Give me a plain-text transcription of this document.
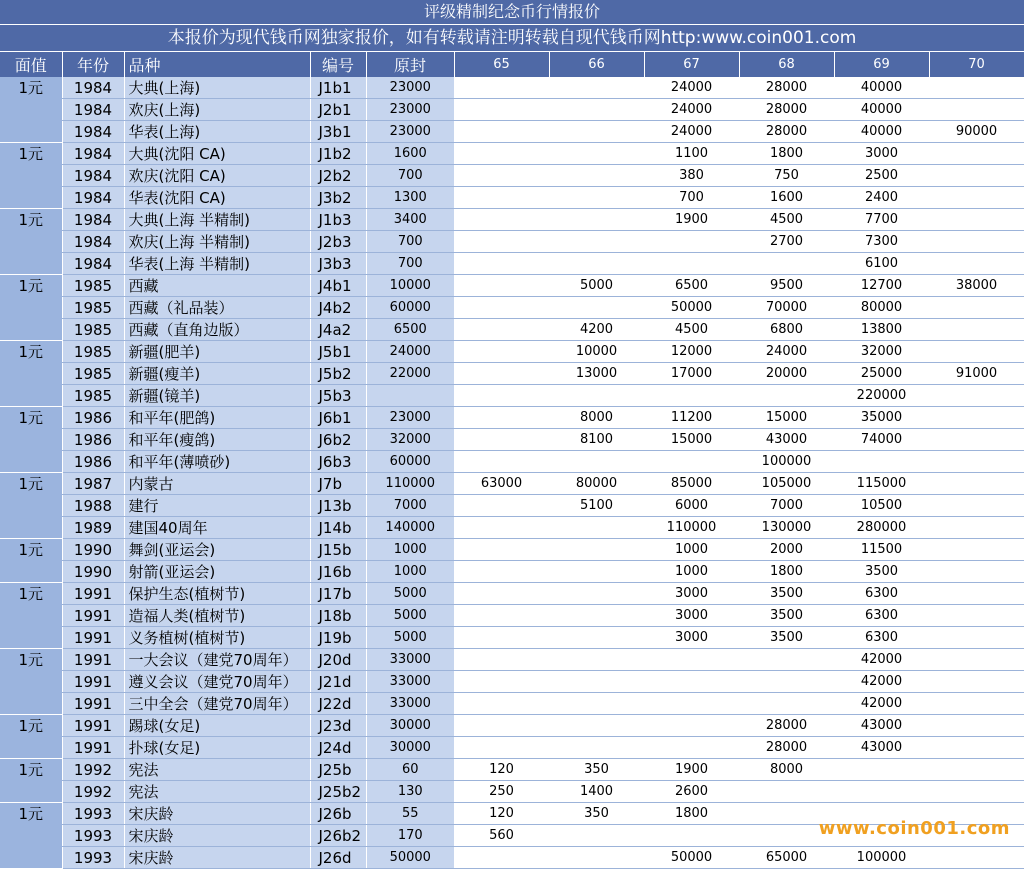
评级精制纪念币行情报价
本报价为现代钱币网独家报价，如有转载请注明转载自现代钱币网http:www.coin001.com
面值	年份	品种	编号	原封	65	66	67	68	69	70
1元	1984	大典(上海)	J1b1	23000			24000	28000	40000	
	1984	欢庆(上海)	J2b1	23000			24000	28000	40000	
	1984	华表(上海)	J3b1	23000			24000	28000	40000	90000
1元	1984	大典(沈阳 CA)	J1b2	1600			1100	1800	3000	
	1984	欢庆(沈阳 CA)	J2b2	700			380	750	2500	
	1984	华表(沈阳 CA)	J3b2	1300			700	1600	2400	
1元	1984	大典(上海 半精制)	J1b3	3400			1900	4500	7700	
	1984	欢庆(上海 半精制)	J2b3	700				2700	7300	
	1984	华表(上海 半精制)	J3b3	700					6100	
1元	1985	西藏	J4b1	10000		5000	6500	9500	12700	38000
	1985	西藏（礼品装）	J4b2	60000			50000	70000	80000	
	1985	西藏（直角边版）	J4a2	6500		4200	4500	6800	13800	
1元	1985	新疆(肥羊)	J5b1	24000		10000	12000	24000	32000	
	1985	新疆(瘦羊)	J5b2	22000		13000	17000	20000	25000	91000
	1985	新疆(镜羊)	J5b3						220000	
1元	1986	和平年(肥鸽)	J6b1	23000		8000	11200	15000	35000	
	1986	和平年(瘦鸽)	J6b2	32000		8100	15000	43000	74000	
	1986	和平年(薄喷砂)	J6b3	60000				100000		
1元	1987	内蒙古	J7b	110000	63000	80000	85000	105000	115000	
	1988	建行	J13b	7000		5100	6000	7000	10500	
	1989	建国40周年	J14b	140000			110000	130000	280000	
1元	1990	舞剑(亚运会)	J15b	1000			1000	2000	11500	
	1990	射箭(亚运会)	J16b	1000			1000	1800	3500	
1元	1991	保护生态(植树节)	J17b	5000			3000	3500	6300	
	1991	造福人类(植树节)	J18b	5000			3000	3500	6300	
	1991	义务植树(植树节)	J19b	5000			3000	3500	6300	
1元	1991	一大会议（建党70周年）	J20d	33000					42000	
	1991	遵义会议（建党70周年）	J21d	33000					42000	
	1991	三中全会（建党70周年）	J22d	33000					42000	
1元	1991	踢球(女足)	J23d	30000				28000	43000	
	1991	扑球(女足)	J24d	30000				28000	43000	
1元	1992	宪法	J25b	60	120	350	1900	8000		
	1992	宪法	J25b2	130	250	1400	2600			
1元	1993	宋庆龄	J26b	55	120	350	1800			
	1993	宋庆龄	J26b2	170	560					
	1993	宋庆龄	J26d	50000			50000	65000	100000	
www.coin001.com
